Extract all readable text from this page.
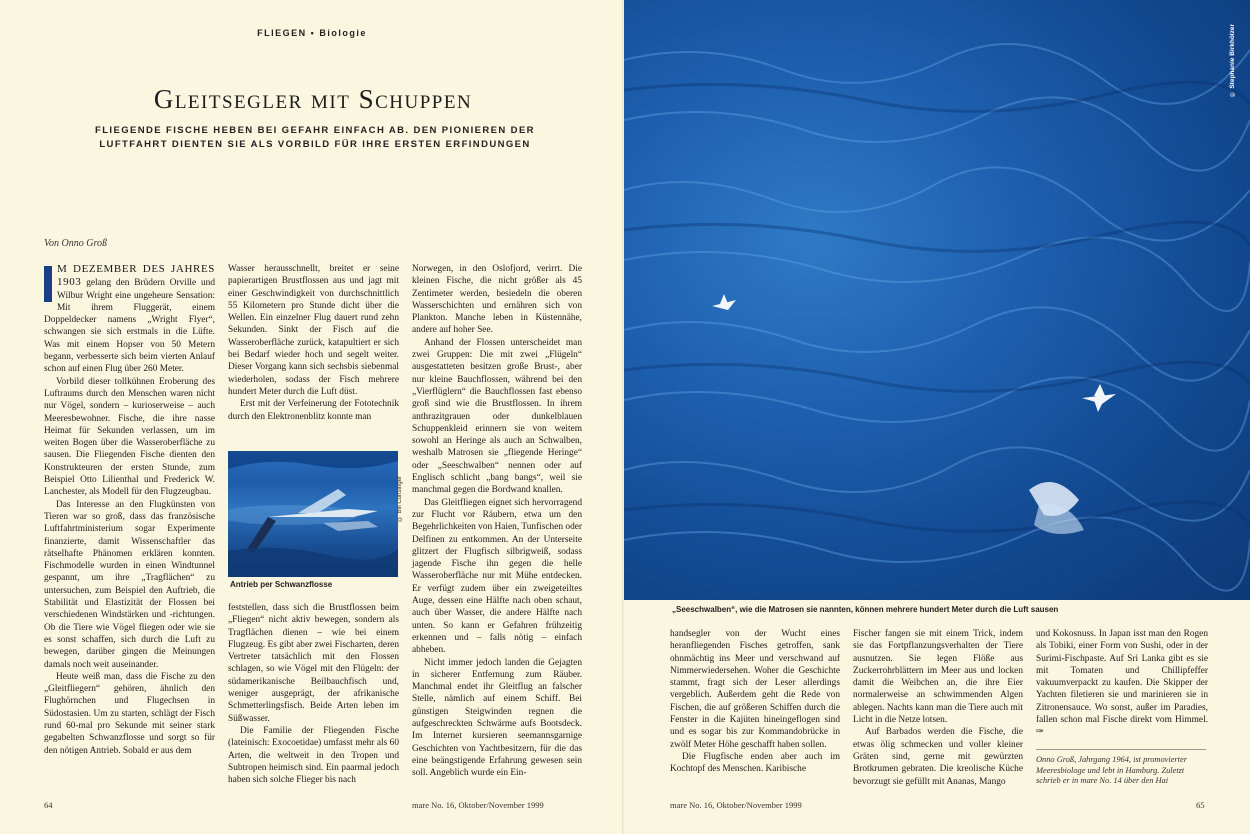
FLIEGEN • Biologie
Gleitsegler mit Schuppen
FLIEGENDE FISCHE HEBEN BEI GEFAHR EINFACH AB. DEN PIONIEREN DER LUFTFAHRT DIENTEN SIE ALS VORBILD FÜR IHRE ERSTEN ERFINDUNGEN
Von Onno Groß

M DEZEMBER DES JAHRES 1903 gelang den Brüdern Orville und Wilbur Wright eine ungeheure Sensation: Mit ihrem Fluggerät, einem Doppeldecker namens „Wright Flyer“, schwangen sie sich erstmals in die Lüfte. Was mit einem Hopser von 50 Metern begann, verbesserte sich beim vierten Anlauf schon auf einen Flug über 260 Meter.

Vorbild dieser tollkühnen Eroberung des Luftraums durch den Menschen waren nicht nur Vögel, sondern – kurioserweise – auch Meeresbewohner. Fische, die ihre nasse Heimat für Sekunden verlassen, um im weiten Bogen über die Wasseroberfläche zu sausen. Die Fliegenden Fische dienten den Konstrukteuren der ersten Stunde, zum Beispiel Otto Lilienthal und Frederick W. Lanchester, als Modell für den Flugzeugbau.

Das Interesse an den Flugkünsten von Tieren war so groß, dass das französische Luftfahrtministerium sogar Experimente finanzierte, damit Wissenschaftler das rätselhafte Phänomen erklären konnten. Fischmodelle wurden in einen Windtunnel gespannt, um ihre „Tragflächen“ zu untersuchen, zum Beispiel den Auftrieb, die Stabilität und Elastizität der Flossen bei verschiedenen Windstärken und -richtungen. Ob die Tiere wie Vögel fliegen oder wie sie es sonst schaffen, sich durch die Luft zu bewegen, darüber gingen die Meinungen damals noch weit auseinander.

Heute weiß man, dass die Fische zu den „Gleitfliegern“ gehören, ähnlich den Flughörnchen und Flugechsen in Südostasien. Um zu starten, schlägt der Fisch rund 60-mal pro Sekunde mit seiner stark gegabelten Schwanzflosse und sorgt so für den nötigen Antrieb. Sobald er aus dem

Wasser herausschnellt, breitet er seine papierartigen Brustflossen aus und jagt mit einer Geschwindigkeit von durchschnittlich 55 Kilometern pro Stunde dicht über die Wellen. Ein einzelner Flug dauert rund zehn Sekunden. Sinkt der Fisch auf die Wasseroberfläche zurück, katapultiert er sich bei Bedarf wieder hoch und segelt weiter. Dieser Vorgang kann sich sechsbis siebenmal wiederholen, sodass der Fisch mehrere hundert Meter durch die Luft düst.

Erst mit der Verfeinerung der Fototechnik durch den Elektronenblitz konnte man

© Bill Curtsinger
Antrieb per Schwanzflosse

feststellen, dass sich die Brustflossen beim „Fliegen“ nicht aktiv bewegen, sondern als Tragflächen dienen – wie bei einem Flugzeug. Es gibt aber zwei Fischarten, deren Vertreter tatsächlich mit den Flossen schlagen, so wie Vögel mit den Flügeln: der südamerikanische Beilbauchfisch und, weniger ausgeprägt, der afrikanische Schmetterlingsfisch. Beide Arten leben im Süßwasser.

Die Familie der Fliegenden Fische (lateinisch: Exocoetidae) umfasst mehr als 60 Arten, die weltweit in den Tropen und Subtropen heimisch sind. Ein paarmal jedoch haben sich solche Flieger bis nach

Norwegen, in den Oslofjord, verirrt. Die kleinen Fische, die nicht größer als 45 Zentimeter werden, besiedeln die oberen Wasserschichten und ernähren sich von Plankton. Manche leben in Küstennähe, andere auf hoher See.

Anhand der Flossen unterscheidet man zwei Gruppen: Die mit zwei „Flügeln“ ausgestatteten besitzen große Brust-, aber nur kleine Bauchflossen, während bei den „Vierflüglern“ die Bauchflossen fast ebenso groß sind wie die Brustflossen. In ihrem anthrazitgrauen oder dunkelblauen Schuppenkleid erinnern sie von weitem sowohl an Heringe als auch an Schwalben, weshalb Matrosen sie „fliegende Heringe“ oder „Seeschwalben“ nennen oder auf Englisch schlicht „bang bangs“, weil sie manchmal gegen die Bordwand knallen.

Das Gleitfliegen eignet sich hervorragend zur Flucht vor Räubern, etwa um den Begehrlichkeiten von Haien, Tunfischen oder Delfinen zu entkommen. An der Unterseite glitzert der Flugfisch silbrigweiß, sodass jagende Fische ihn gegen die helle Wasseroberfläche nur mit Mühe entdecken. Er verfügt zudem über ein zweigeteiltes Auge, dessen eine Hälfte nach oben schaut, auch über Wasser, die andere Hälfte nach unten. So kann er Gefahren frühzeitig erkennen und – falls nötig – einfach abheben.

Nicht immer jedoch landen die Gejagten in sicherer Entfernung zum Räuber. Manchmal endet ihr Gleitflug an falscher Stelle, nämlich auf einem Schiff. Bei günstigen Steigwinden regnen die aufgeschreckten Schwärme aufs Bootsdeck. Im Internet kursieren seemannsgarnige Geschichten von Yachtbesitzern, für die das eine beängstigende Erfahrung gewesen sein soll. Angeblich wurde ein Ein-

64	mare No. 16, Oktober/November 1999
© Stephanie Birkhölzer
„Seeschwalben“, wie die Matrosen sie nannten, können mehrere hundert Meter durch die Luft sausen

handsegler von der Wucht eines heranfliegenden Fisches getroffen, sank ohnmächtig ins Meer und verschwand auf Nimmerwiedersehen. Woher die Geschichte stammt, fragt sich der Leser allerdings vergeblich. Außerdem geht die Rede von Fischen, die auf größeren Schiffen durch die Fenster in die Kajüten hineingeflogen sind und es sogar bis zur Kommandobrücke in zwölf Meter Höhe geschafft haben sollen.

Die Flugfische enden aber auch im Kochtopf des Menschen. Karibische

Fischer fangen sie mit einem Trick, indem sie das Fortpflanzungsverhalten der Tiere ausnutzen. Sie legen Flöße aus Zuckerrohrblättern im Meer aus und locken damit die Weibchen an, die ihre Eier normalerweise an schwimmenden Algen ablegen. Nachts kann man die Tiere auch mit Licht in die Netze lotsen.

Auf Barbados werden die Fische, die etwas ölig schmecken und voller kleiner Gräten sind, gerne mit gewürzten Brotkrumen gebraten. Die kreolische Küche bevorzugt sie gefüllt mit Ananas, Mango

und Kokosnuss. In Japan isst man den Rogen als Tobiki, einer Form von Sushi, oder in der Surimi-Fischpaste. Auf Sri Lanka gibt es sie mit Tomaten und Chillipfeffer vakuumverpackt zu kaufen. Die Skipper der Yachten filetieren sie und marinieren sie in Zitronensauce. Wo sonst, außer im Paradies, fallen schon mal Fische direkt vom Himmel. ✑

Onno Groß, Jahrgang 1964, ist promovierter Meeresbiologe und lebt in Hamburg. Zuletzt schrieb er in mare No. 14 über den Hai
mare No. 16, Oktober/November 1999	65
